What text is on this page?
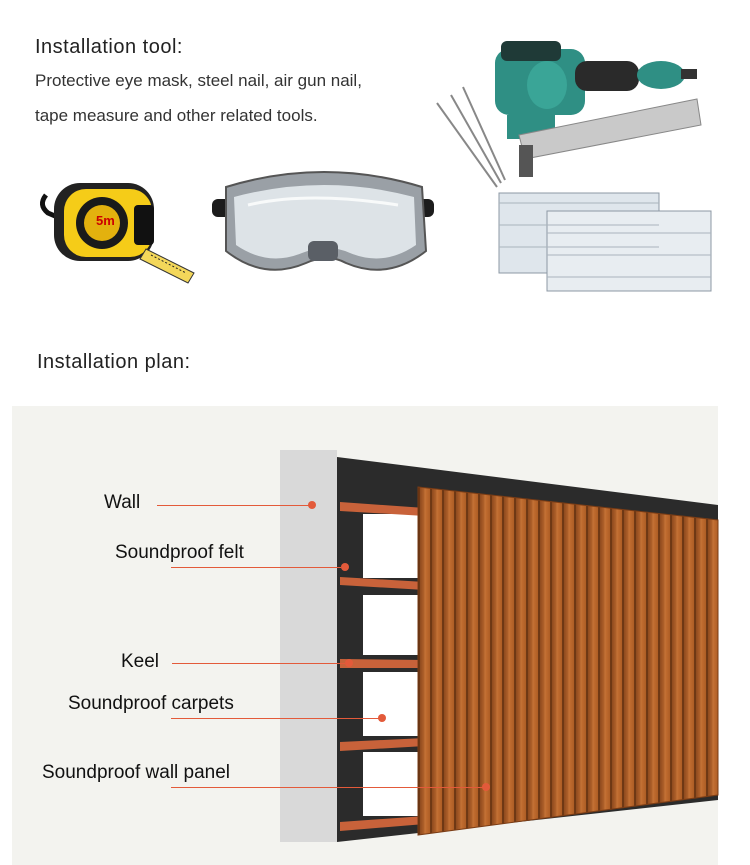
Installation tool:
Protective eye mask, steel nail, air gun nail,
tape measure and other related tools.
5m
Installation plan:
Wall
Soundproof felt
Keel
Soundproof carpets
Soundproof wall panel
